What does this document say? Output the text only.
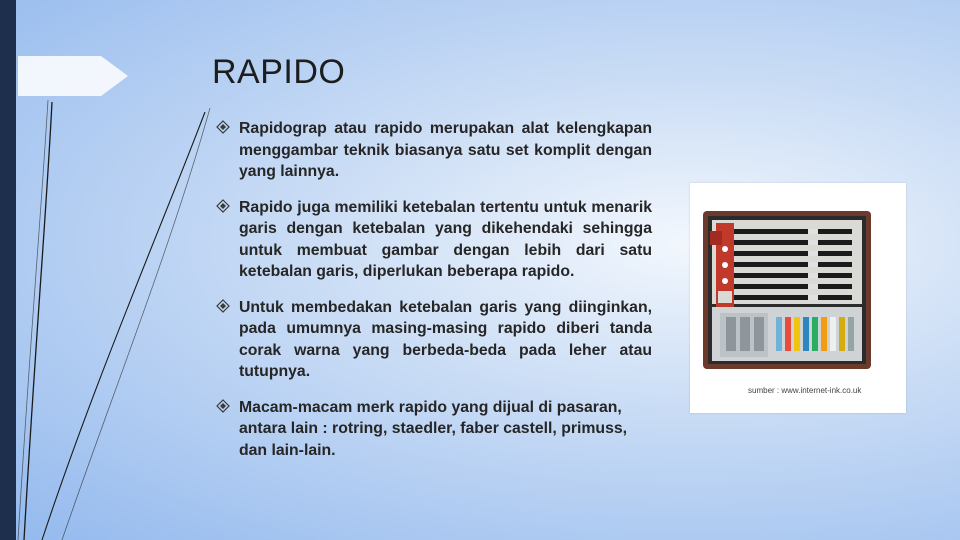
RAPIDO
Rapidograp atau rapido merupakan alat kelengkapan menggambar teknik biasanya satu set komplit dengan yang lainnya.
Rapido juga memiliki ketebalan tertentu untuk menarik garis dengan ketebalan yang dikehendaki sehingga untuk membuat gambar dengan lebih dari satu ketebalan garis, diperlukan beberapa rapido.
Untuk membedakan ketebalan garis yang diinginkan, pada umumnya masing-masing rapido diberi tanda corak warna yang berbeda-beda pada leher atau tutupnya.
Macam-macam merk rapido yang dijual di pasaran, antara lain : rotring, staedler, faber castell, primuss, dan lain-lain.
sumber : www.internet-ink.co.uk
